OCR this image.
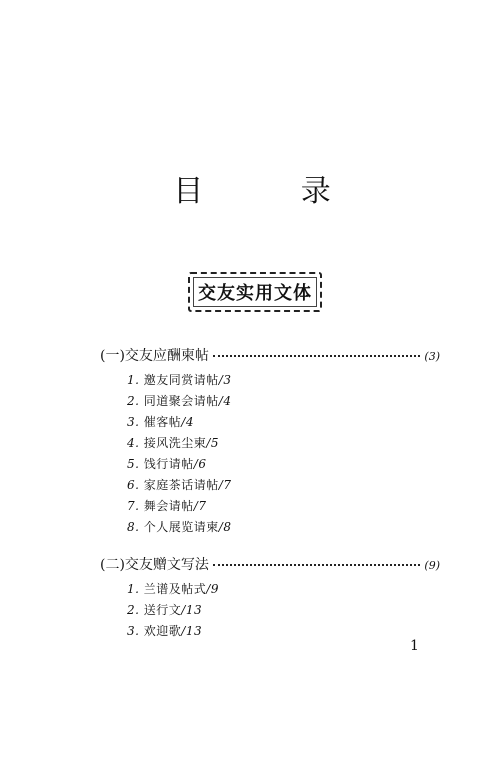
目 录
交友实用文体
(一)交友应酬柬帖	(3)
1. 邀友同赏请帖/3
2. 同道聚会请帖/4
3. 催客帖/4
4. 接风洗尘柬/5
5. 饯行请帖/6
6. 家庭茶话请帖/7
7. 舞会请帖/7
8. 个人展览请柬/8
(二)交友赠文写法	(9)
1. 兰谱及帖式/9
2. 送行文/13
3. 欢迎歌/13
1
